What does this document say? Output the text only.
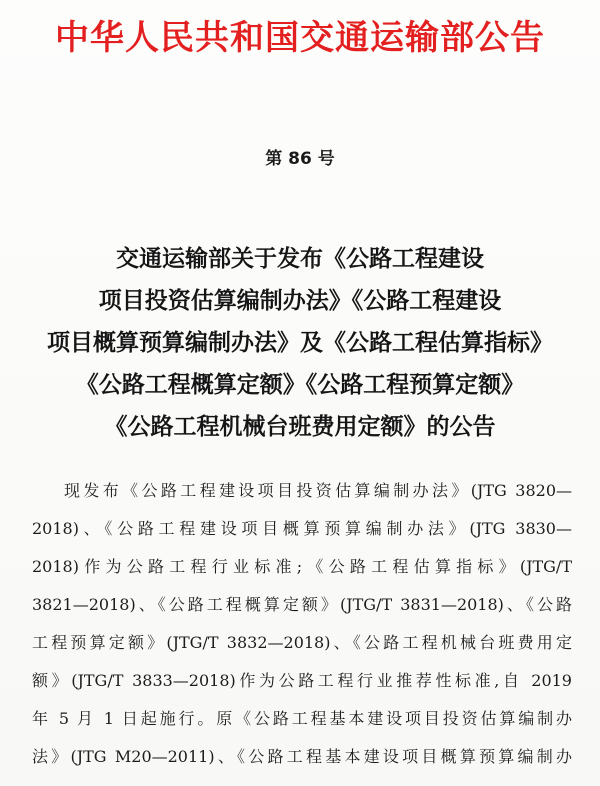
中华人民共和国交通运输部公告
第 86 号
交通运输部关于发布《公路工程建设
项目投资估算编制办法》《公路工程建设
项目概算预算编制办法》及《公路工程估算指标》
《公路工程概算定额》《公路工程预算定额》
《公路工程机械台班费用定额》的公告
现发布《公路工程建设项目投资估算编制办法》(JTG 3820—
2018)、《公路工程建设项目概算预算编制办法》(JTG 3830—
2018)作为公路工程行业标准;《公路工程估算指标》(JTG/T
3821—2018)、《公路工程概算定额》(JTG/T 3831—2018)、《公路
工程预算定额》(JTG/T 3832—2018)、《公路工程机械台班费用定
额》(JTG/T 3833—2018)作为公路工程行业推荐性标准,自 2019
年 5 月 1 日起施行。原《公路工程基本建设项目投资估算编制办
法》(JTG M20—2011)、《公路工程基本建设项目概算预算编制办
